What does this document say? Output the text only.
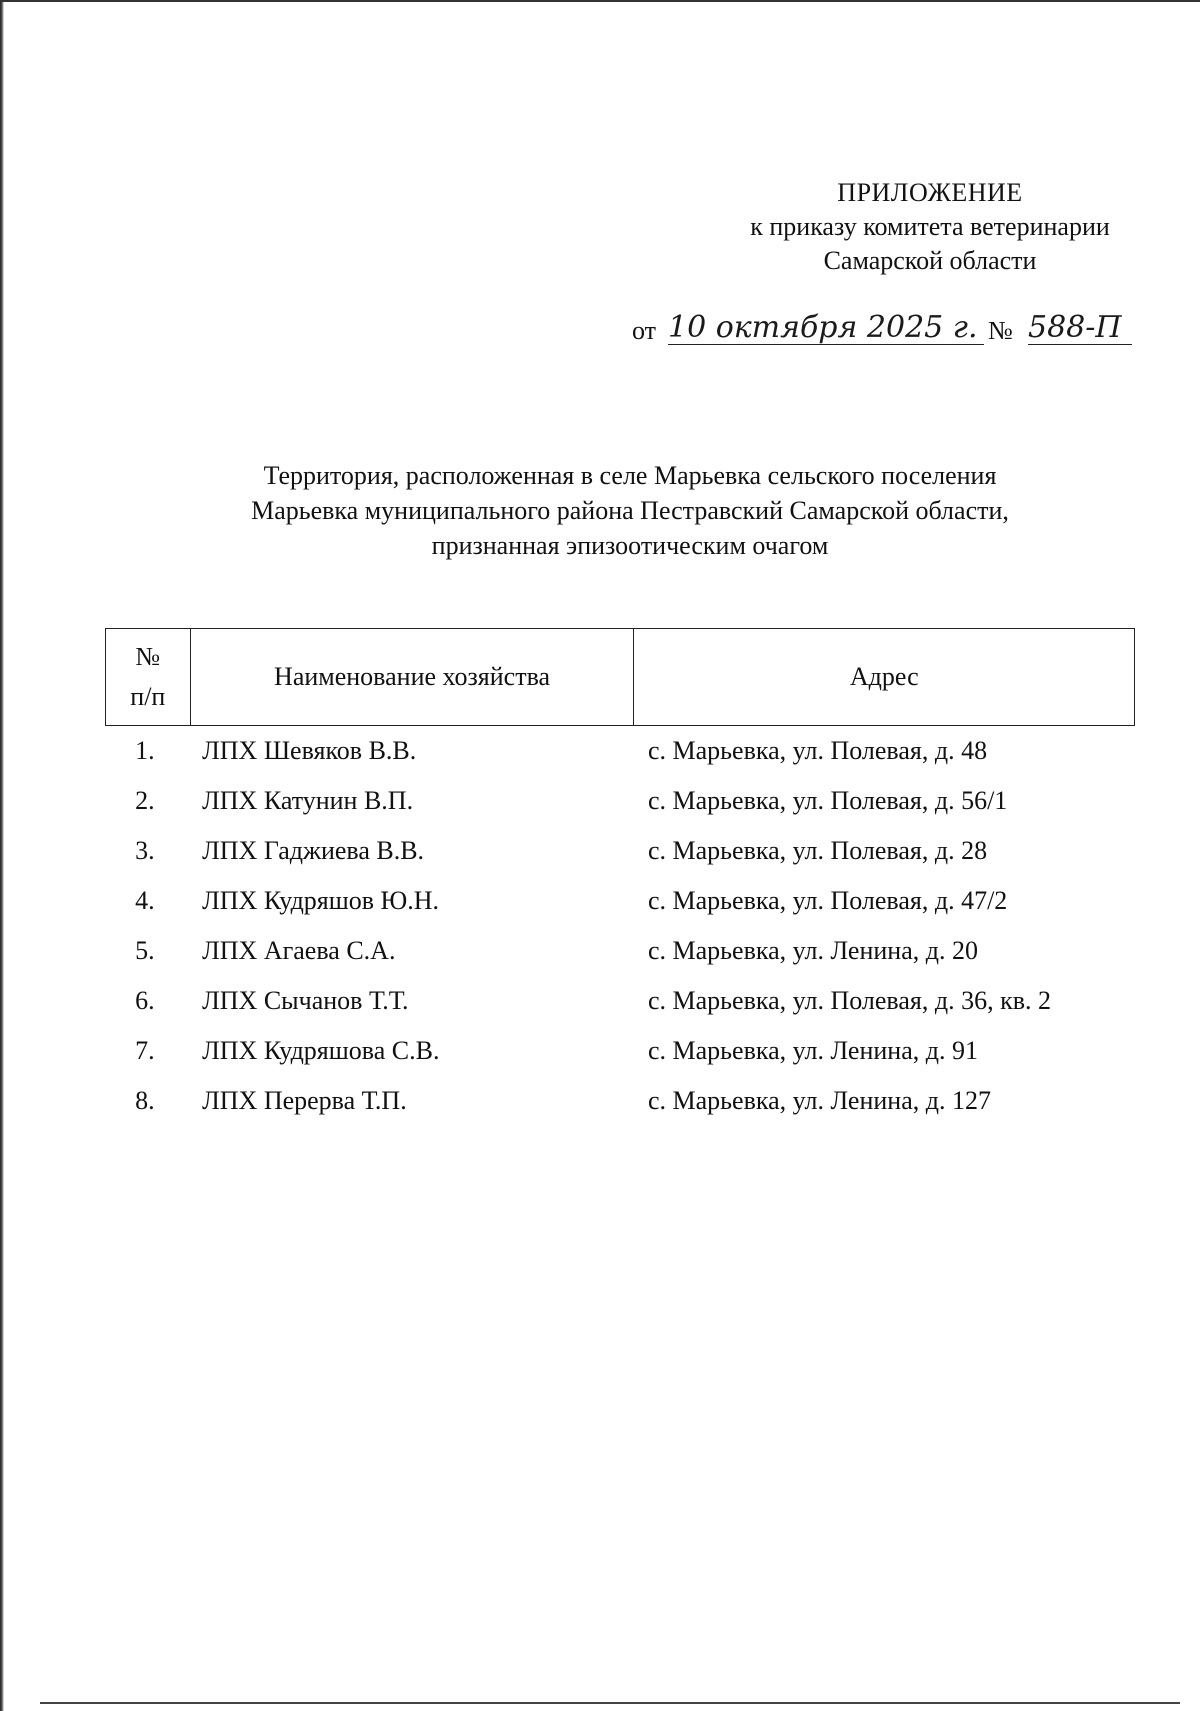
ПРИЛОЖЕНИЕ
к приказу комитета ветеринарии
Самарской области
от 10 октября 2025 г. № 588-П
Территория, расположенная в селе Марьевка сельского поселения
Марьевка муниципального района Пестравский Самарской области,
признанная эпизоотическим очагом
№
п/п	Наименование хозяйства	Адрес
1.	ЛПХ Шевяков В.В.	с. Марьевка, ул. Полевая, д. 48
2.	ЛПХ Катунин В.П.	с. Марьевка, ул. Полевая, д. 56/1
3.	ЛПХ Гаджиева В.В.	с. Марьевка, ул. Полевая, д. 28
4.	ЛПХ Кудряшов Ю.Н.	с. Марьевка, ул. Полевая, д. 47/2
5.	ЛПХ Агаева С.А.	с. Марьевка, ул. Ленина, д. 20
6.	ЛПХ Сычанов Т.Т.	с. Марьевка, ул. Полевая, д. 36, кв. 2
7.	ЛПХ Кудряшова С.В.	с. Марьевка, ул. Ленина, д. 91
8.	ЛПХ Перерва Т.П.	с. Марьевка, ул. Ленина, д. 127
